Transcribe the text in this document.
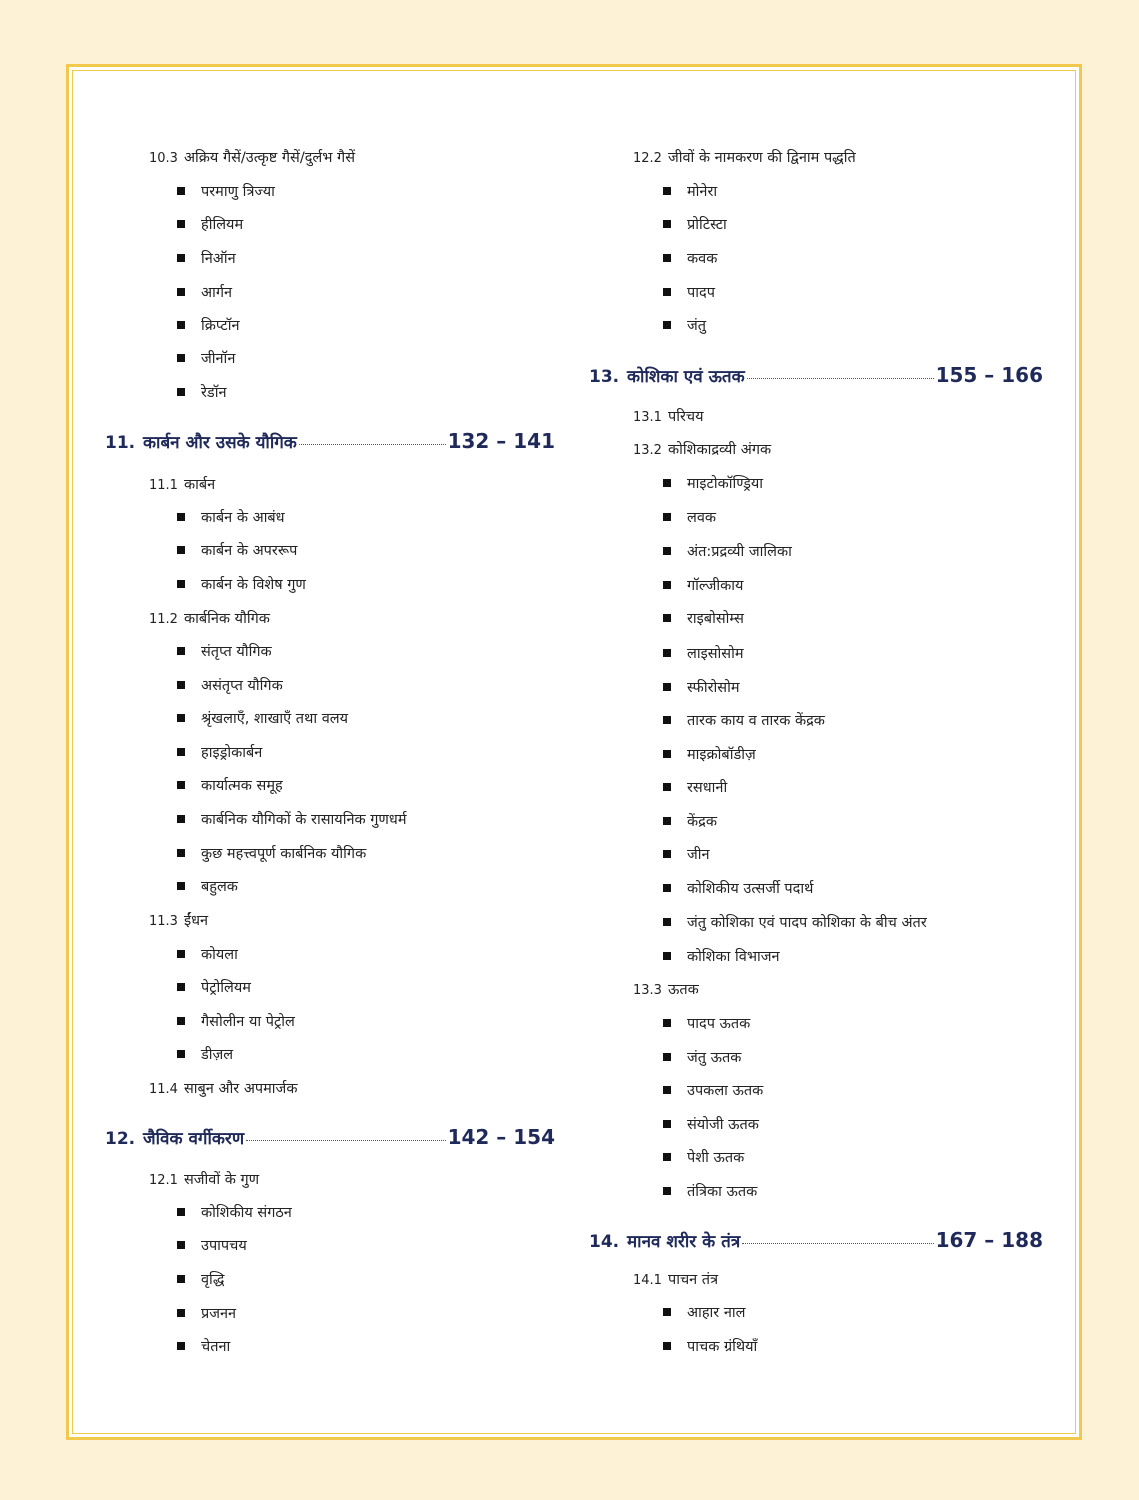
10.3 अक्रिय गैसें/उत्कृष्ट गैसें/दुर्लभ गैसें
परमाणु त्रिज्या
हीलियम
निऑन
आर्गन
क्रिप्टॉन
जीनॉन
रेडॉन
11. कार्बन और उसके यौगिक	132 – 141
11.1 कार्बन
कार्बन के आबंध
कार्बन के अपररूप
कार्बन के विशेष गुण
11.2 कार्बनिक यौगिक
संतृप्त यौगिक
असंतृप्त यौगिक
श्रृंखलाएँ, शाखाएँ तथा वलय
हाइड्रोकार्बन
कार्यात्मक समूह
कार्बनिक यौगिकों के रासायनिक गुणधर्म
कुछ महत्त्वपूर्ण कार्बनिक यौगिक
बहुलक
11.3 ईंधन
कोयला
पेट्रोलियम
गैसोलीन या पेट्रोल
डीज़ल
11.4 साबुन और अपमार्जक
12. जैविक वर्गीकरण	142 – 154
12.1 सजीवों के गुण
कोशिकीय संगठन
उपापचय
वृद्धि
प्रजनन
चेतना
12.2 जीवों के नामकरण की द्विनाम पद्धति
मोनेरा
प्रोटिस्टा
कवक
पादप
जंतु
13. कोशिका एवं ऊतक	155 – 166
13.1 परिचय
13.2 कोशिकाद्रव्यी अंगक
माइटोकॉण्ड्रिया
लवक
अंत:प्रद्रव्यी जालिका
गॉल्जीकाय
राइबोसोम्स
लाइसोसोम
स्फीरोसोम
तारक काय व तारक केंद्रक
माइक्रोबॉडीज़
रसधानी
केंद्रक
जीन
कोशिकीय उत्सर्जी पदार्थ
जंतु कोशिका एवं पादप कोशिका के बीच अंतर
कोशिका विभाजन
13.3 ऊतक
पादप ऊतक
जंतु ऊतक
उपकला ऊतक
संयोजी ऊतक
पेशी ऊतक
तंत्रिका ऊतक
14. मानव शरीर के तंत्र	167 – 188
14.1 पाचन तंत्र
आहार नाल
पाचक ग्रंथियाँ
